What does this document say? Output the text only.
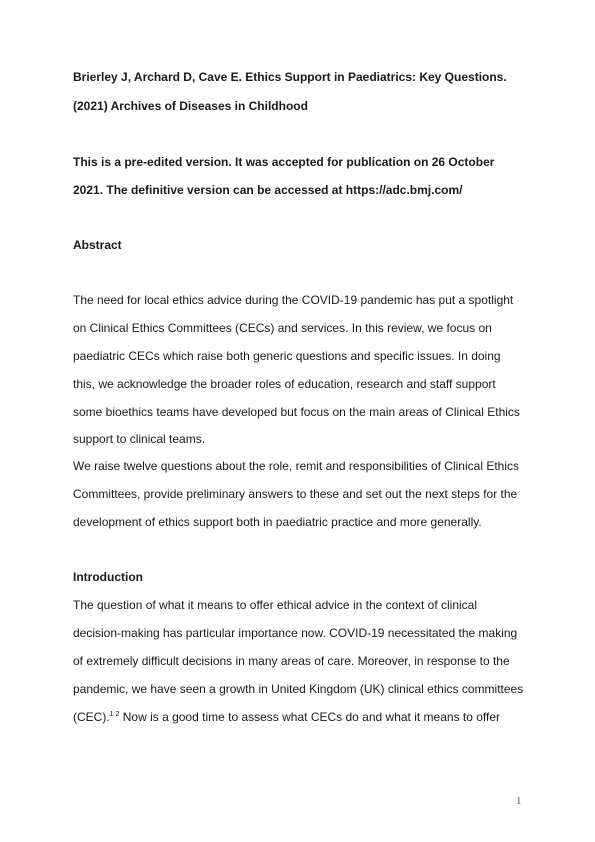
Brierley J, Archard D, Cave E. Ethics Support in Paediatrics: Key Questions.
(2021) Archives of Diseases in Childhood
This is a pre-edited version. It was accepted for publication on 26 October
2021. The definitive version can be accessed at https://adc.bmj.com/
Abstract
The need for local ethics advice during the COVID-19 pandemic has put a spotlight
on Clinical Ethics Committees (CECs) and services. In this review, we focus on
paediatric CECs which raise both generic questions and specific issues. In doing
this, we acknowledge the broader roles of education, research and staff support
some bioethics teams have developed but focus on the main areas of Clinical Ethics
support to clinical teams.
We raise twelve questions about the role, remit and responsibilities of Clinical Ethics
Committees, provide preliminary answers to these and set out the next steps for the
development of ethics support both in paediatric practice and more generally.
Introduction
The question of what it means to offer ethical advice in the context of clinical
decision-making has particular importance now. COVID-19 necessitated the making
of extremely difficult decisions in many areas of care. Moreover, in response to the
pandemic, we have seen a growth in United Kingdom (UK) clinical ethics committees
(CEC).$^{1 2}$ Now is a good time to assess what CECs do and what it means to offer
1
